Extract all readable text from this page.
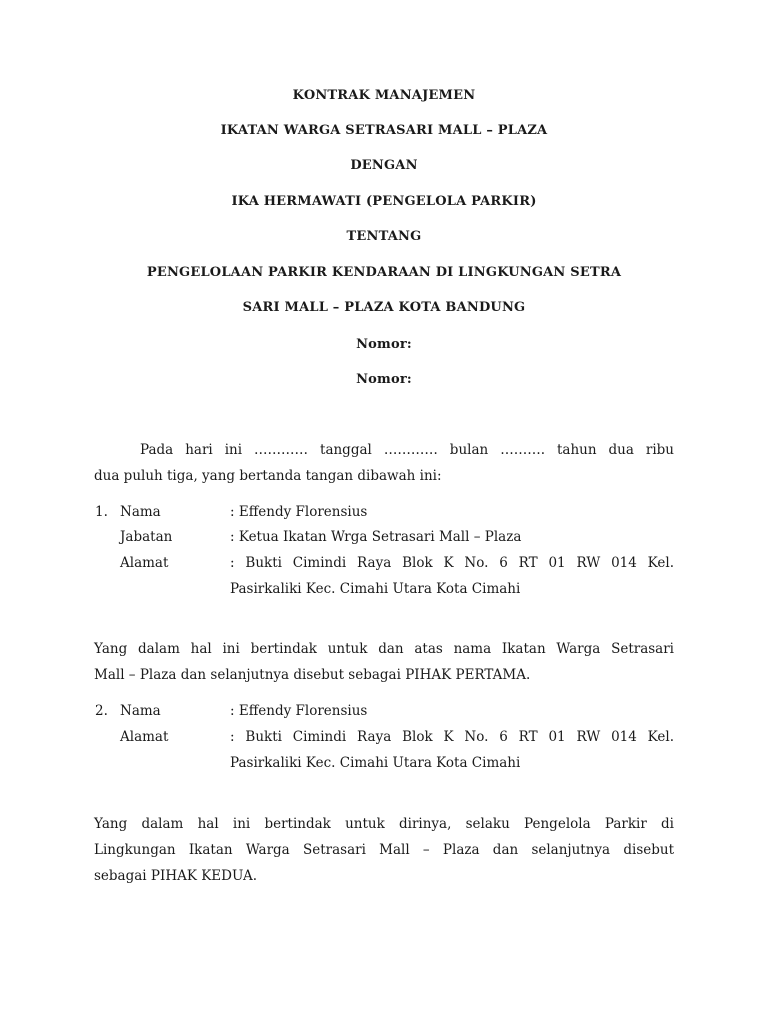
KONTRAK MANAJEMEN
IKATAN WARGA SETRASARI MALL – PLAZA
DENGAN
IKA HERMAWATI (PENGELOLA PARKIR)
TENTANG
PENGELOLAAN PARKIR KENDARAAN DI LINGKUNGAN SETRA
SARI MALL – PLAZA KOTA BANDUNG
Nomor:
Nomor:
Pada hari ini ………… tanggal ………… bulan ………. tahun dua ribu
dua puluh tiga, yang bertanda tangan dibawah ini:
1. Nama	: Effendy Florensius
Jabatan	: Ketua Ikatan Wrga Setrasari Mall – Plaza
Alamat	: Bukti Cimindi Raya Blok K No. 6 RT 01 RW 014 Kel.
Pasirkaliki Kec. Cimahi Utara Kota Cimahi
Yang dalam hal ini bertindak untuk dan atas nama Ikatan Warga Setrasari
Mall – Plaza dan selanjutnya disebut sebagai PIHAK PERTAMA.
2. Nama	: Effendy Florensius
Alamat	: Bukti Cimindi Raya Blok K No. 6 RT 01 RW 014 Kel.
Pasirkaliki Kec. Cimahi Utara Kota Cimahi
Yang dalam hal ini bertindak untuk dirinya, selaku Pengelola Parkir di
Lingkungan Ikatan Warga Setrasari Mall – Plaza dan selanjutnya disebut
sebagai PIHAK KEDUA.
